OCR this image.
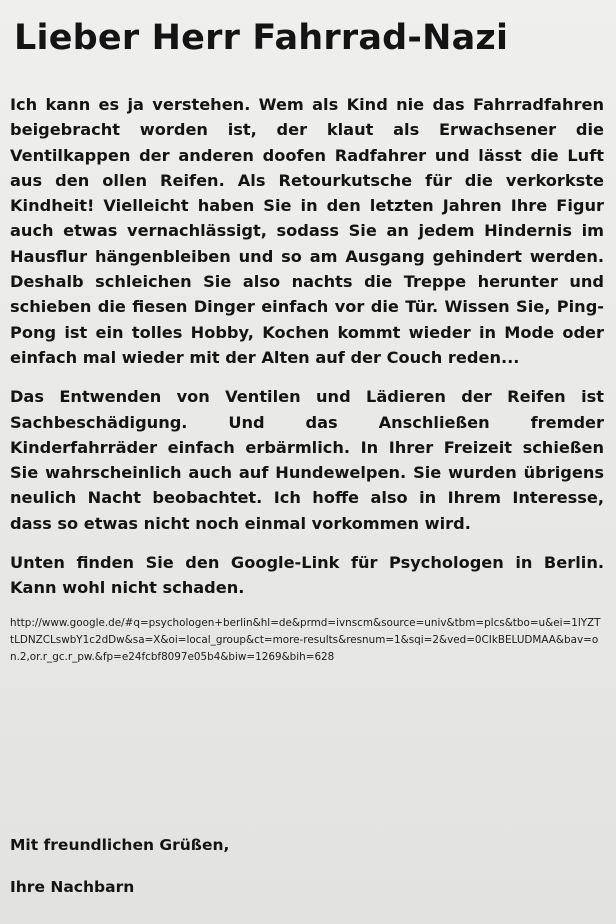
Lieber Herr Fahrrad-Nazi

Ich kann es ja verstehen. Wem als Kind nie das Fahrradfahren beigebracht worden ist, der klaut als Erwachsener die Ventilkappen der anderen doofen Radfahrer und lässt die Luft aus den ollen Reifen. Als Retourkutsche für die verkorkste Kindheit! Vielleicht haben Sie in den letzten Jahren Ihre Figur auch etwas vernachlässigt, sodass Sie an jedem Hindernis im Hausflur hängenbleiben und so am Ausgang gehindert werden. Deshalb schleichen Sie also nachts die Treppe herunter und schieben die fiesen Dinger einfach vor die Tür. Wissen Sie, Ping-Pong ist ein tolles Hobby, Kochen kommt wieder in Mode oder einfach mal wieder mit der Alten auf der Couch reden...

Das Entwenden von Ventilen und Lädieren der Reifen ist Sachbeschädigung. Und das Anschließen fremder Kinderfahrräder einfach erbärmlich. In Ihrer Freizeit schießen Sie wahrscheinlich auch auf Hundewelpen. Sie wurden übrigens neulich Nacht beobachtet. Ich hoffe also in Ihrem Interesse, dass so etwas nicht noch einmal vorkommen wird.

Unten finden Sie den Google-Link für Psychologen in Berlin. Kann wohl nicht schaden.

http://www.google.de/#q=psychologen+berlin&hl=de&prmd=ivnscm&source=univ&tbm=plcs&tbo=u&ei=1lYZTtLDNZCLswbY1c2dDw&sa=X&oi=local_group&ct=more-results&resnum=1&sqi=2&ved=0CIkBELUDMAA&bav=on.2,or.r_gc.r_pw.&fp=e24fcbf8097e05b4&biw=1269&bih=628
Mit freundlichen Grüßen,
Ihre Nachbarn
